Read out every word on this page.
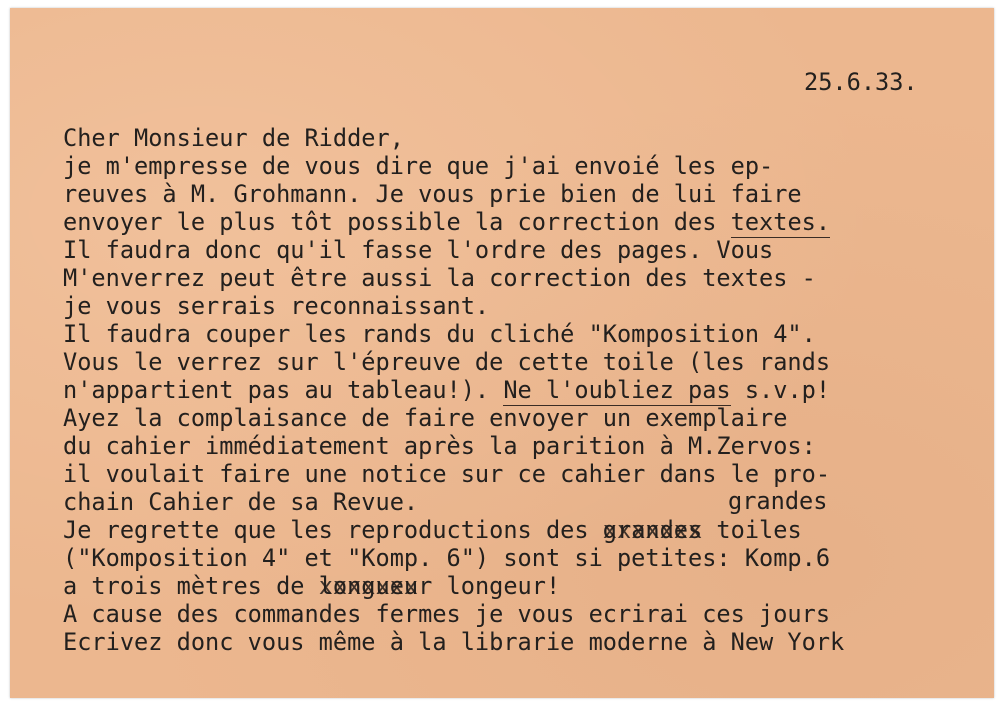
25.6.33.
Cher Monsieur de Ridder,
je m'empresse de vous dire que j'ai envoié les ep-
reuves à M. Grohmann. Je vous prie bien de lui faire
envoyer le plus tôt possible la correction des textes.
Il faudra donc qu'il fasse l'ordre des pages. Vous
M'enverrez peut être aussi la correction des textes -
je vous serrais reconnaissant.
Il faudra couper les rands du cliché "Komposition 4".
Vous le verrez sur l'épreuve de cette toile (les rands
n'appartient pas au tableau!). Ne l'oubliez pas s.v.p!
Ayez la complaisance de faire envoyer un exemplaire
du cahier immédiatement après la parition à M.Zervos:
il voulait faire une notice sur ce cahier dans le pro-
chain Cahier de sa Revue.	grandes
Je regrette que les reproductions des grandes xxxxxxx toiles
("Komposition 4" et "Komp. 6") sont si petites: Komp.6
a trois mètres de longueur xxxxxxx longeur!
A cause des commandes fermes je vous ecrirai ces jours
Ecrivez donc vous même à la librarie moderne à New York
